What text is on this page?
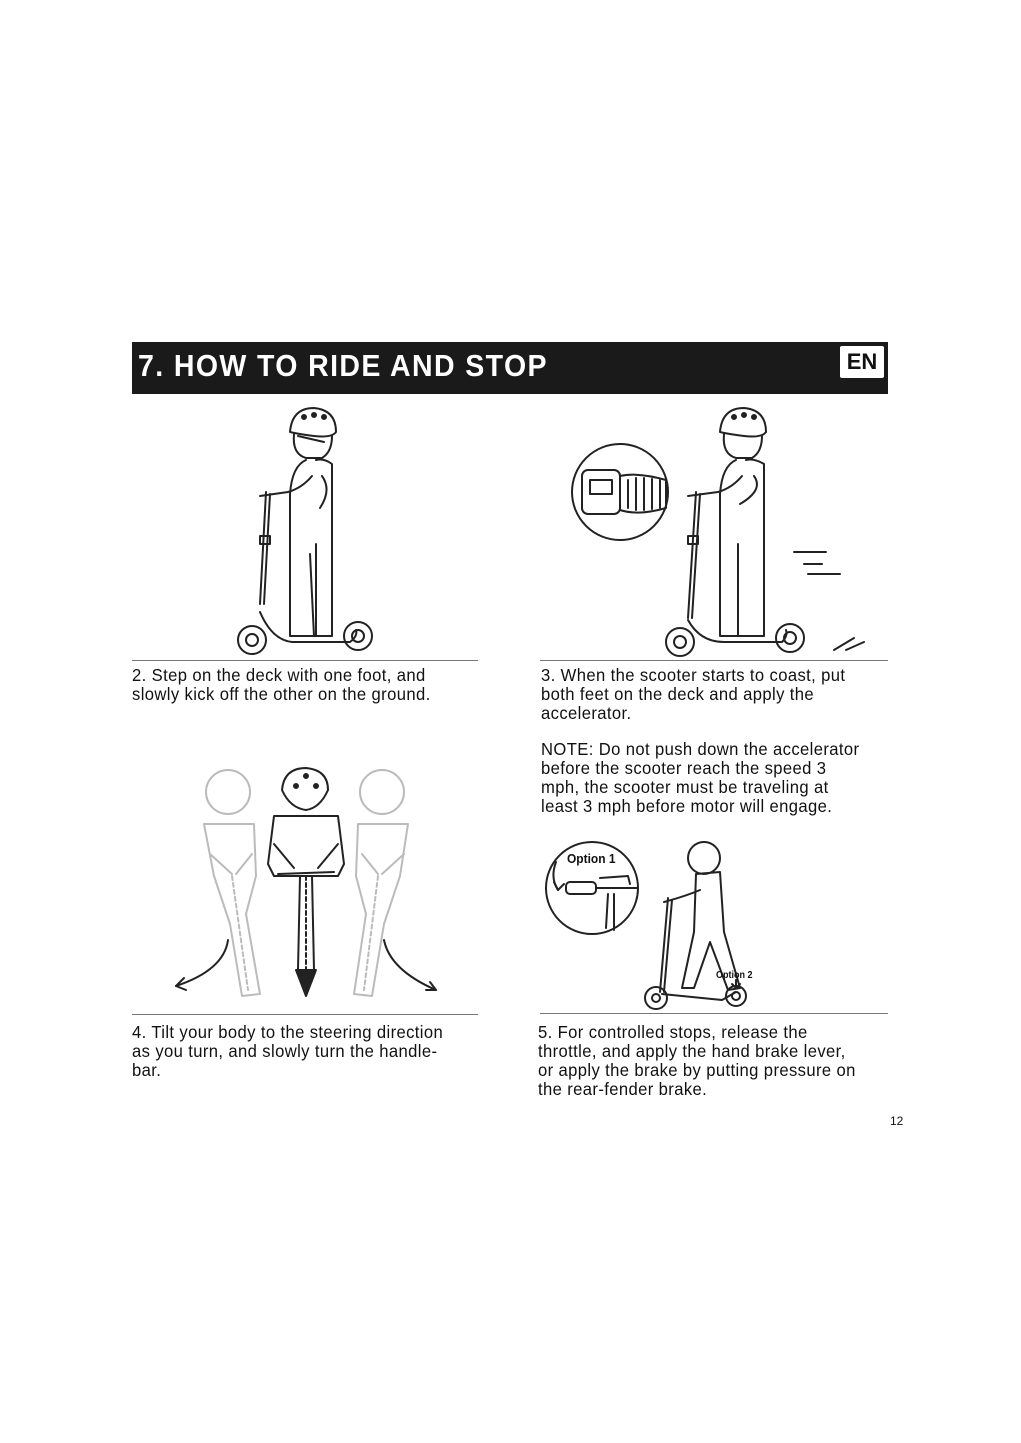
7. HOW TO RIDE AND STOP	EN
2. Step on the deck with one foot, and
slowly kick off the other on the ground.
3. When the scooter starts to coast, put
both feet on the deck and apply the
accelerator.
NOTE: Do not push down the accelerator
before the scooter reach the speed 3
mph, the scooter must be traveling at
least 3 mph before motor will engage.
4. Tilt your body to the steering direction
as you turn, and slowly turn the handle-
bar.
Option 1
Option 2
5. For controlled stops, release the
throttle, and apply the hand brake lever,
or apply the brake by putting pressure on
the rear-fender brake.
12
